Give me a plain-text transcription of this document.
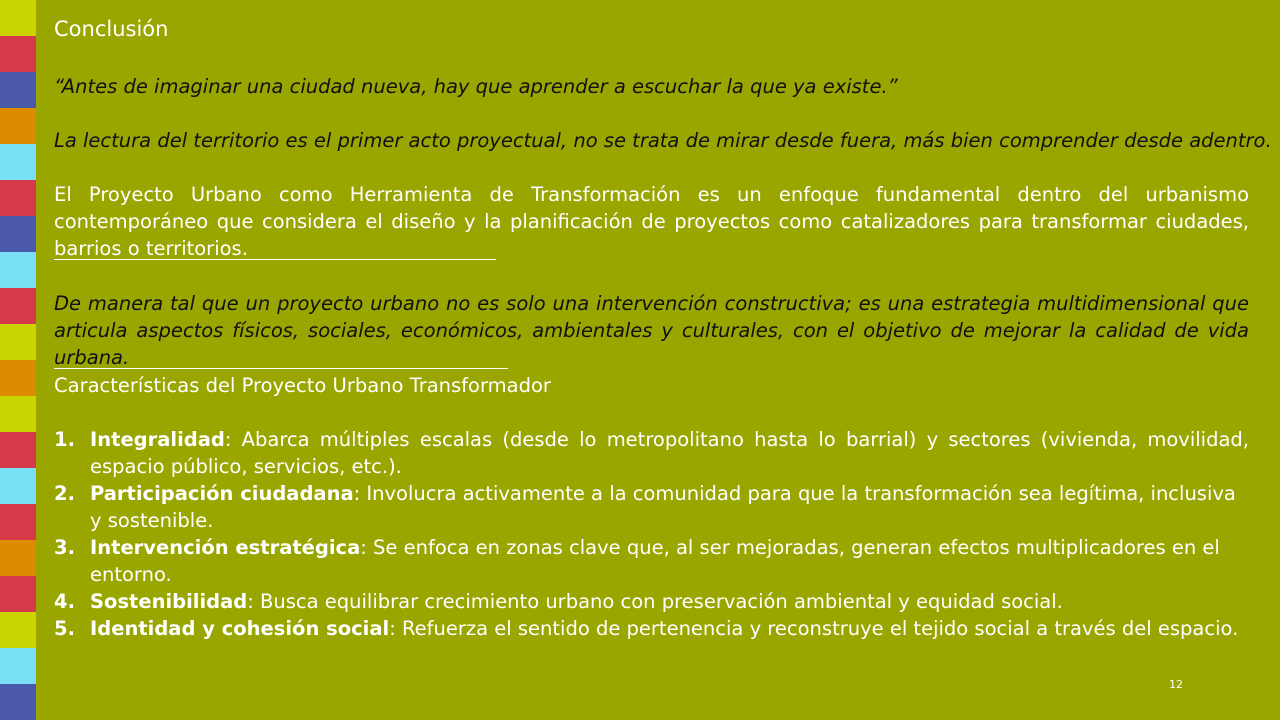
Conclusión

“Antes de imaginar una ciudad nueva, hay que aprender a escuchar la que ya existe.”

La lectura del territorio es el primer acto proyectual, no se trata de mirar desde fuera, más bien comprender desde adentro.

El Proyecto Urbano como Herramienta de Transformación es un enfoque fundamental dentro del urbanismo contemporáneo que considera el diseño y la planificación de proyectos como catalizadores para transformar ciudades, barrios o territorios.

De manera tal que un proyecto urbano no es solo una intervención constructiva; es una estrategia multidimensional que articula aspectos físicos, sociales, económicos, ambientales y culturales, con el objetivo de mejorar la calidad de vida urbana.

Características del Proyecto Urbano Transformador

1. Integralidad: Abarca múltiples escalas (desde lo metropolitano hasta lo barrial) y sectores (vivienda, movilidad, espacio público, servicios, etc.).
2. Participación ciudadana: Involucra activamente a la comunidad para que la transformación sea legítima, inclusiva y sostenible.
3. Intervención estratégica: Se enfoca en zonas clave que, al ser mejoradas, generan efectos multiplicadores en el entorno.
4. Sostenibilidad: Busca equilibrar crecimiento urbano con preservación ambiental y equidad social.
5. Identidad y cohesión social: Refuerza el sentido de pertenencia y reconstruye el tejido social a través del espacio.
12
